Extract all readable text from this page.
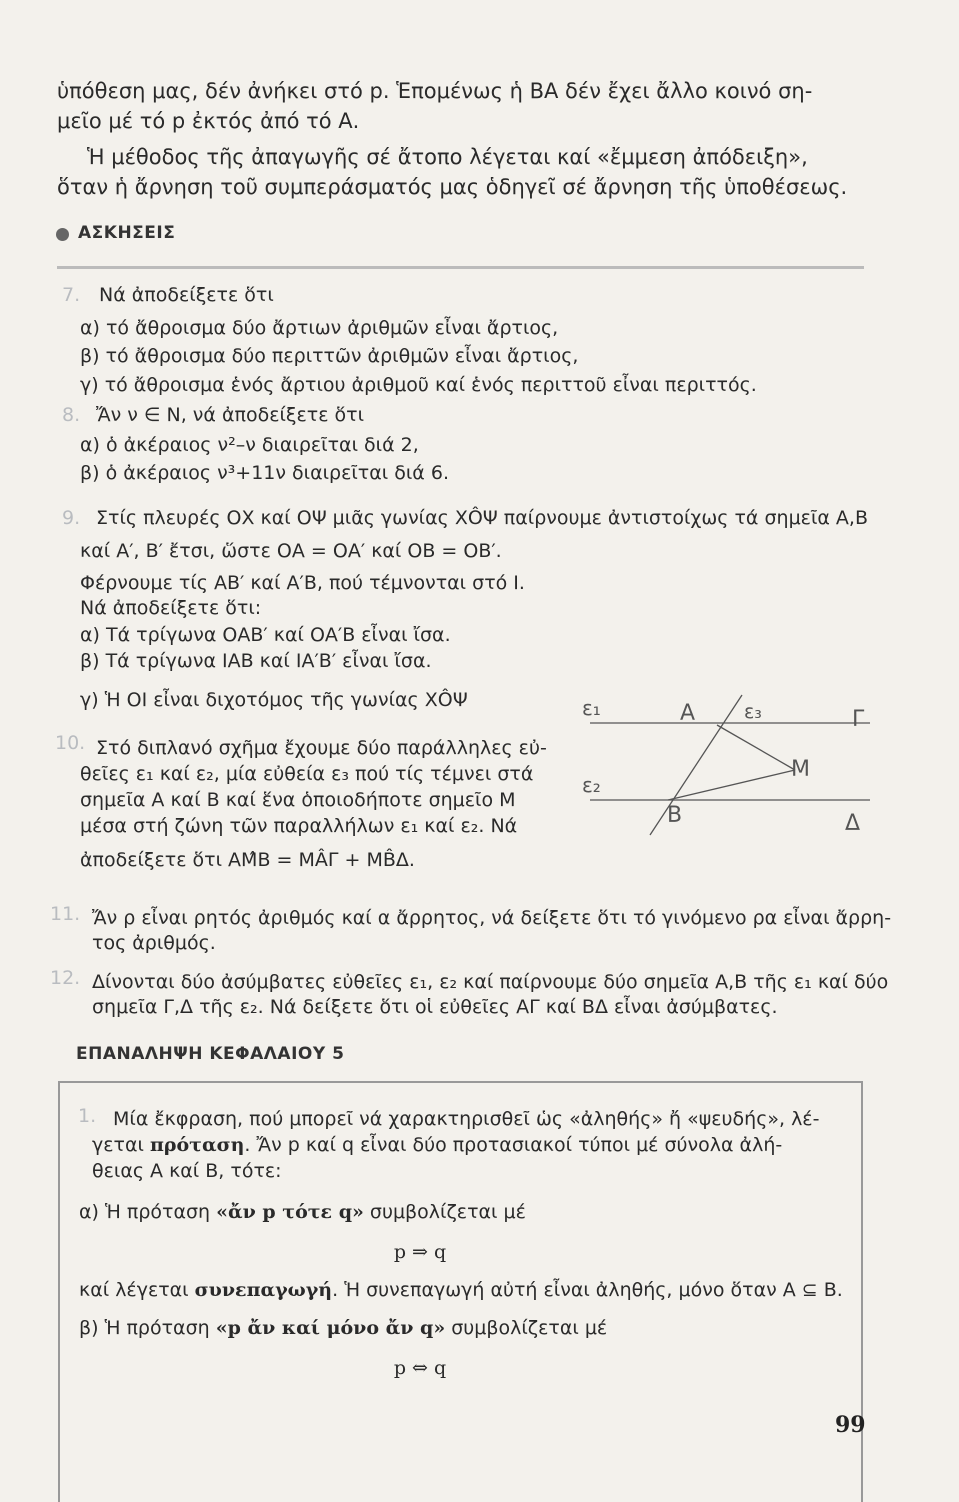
ὑπόθεση μας, δέν ἀνήκει στό p. Ἑπομένως ἡ ΒΑ δέν ἔχει ἄλλο κοινό ση-
μεῖο μέ τό p ἐκτός ἀπό τό Α.
Ἡ μέθοδος τῆς ἀπαγωγῆς σέ ἄτοπο λέγεται καί «ἔμμεση ἀπόδειξη»,
ὅταν ἡ ἄρνηση τοῦ συμπεράσματός μας ὁδηγεῖ σέ ἄρνηση τῆς ὑποθέσεως.
ΑΣΚΗΣΕΙΣ
7. Νά ἀποδείξετε ὅτι
α) τό ἄθροισμα δύο ἄρτιων ἀριθμῶν εἶναι ἄρτιος,
β) τό ἄθροισμα δύο περιττῶν ἀριθμῶν εἶναι ἄρτιος,
γ) τό ἄθροισμα ἑνός ἄρτιου ἀριθμοῦ καί ἑνός περιττοῦ εἶναι περιττός.
8. Ἄν ν ∈ Ν, νά ἀποδείξετε ὅτι
α) ὁ ἀκέραιος ν²–ν διαιρεῖται διά 2,
β) ὁ ἀκέραιος ν³+11ν διαιρεῖται διά 6.
9. Στίς πλευρές ΟΧ καί ΟΨ μιᾶς γωνίας ΧÔΨ παίρνουμε ἀντιστοίχως τά σημεῖα Α,Β
καί Α′, Β′ ἔτσι, ὥστε ΟΑ = ΟΑ′ καί ΟΒ = ΟΒ′.
Φέρνουμε τίς ΑΒ′ καί Α′Β, πού τέμνονται στό Ι.
Νά ἀποδείξετε ὅτι:
α) Τά τρίγωνα ΟΑΒ′ καί ΟΑ′Β εἶναι ἴσα.
β) Τά τρίγωνα ΙΑΒ καί ΙΑ′Β′ εἶναι ἴσα.
γ) Ἡ ΟΙ εἶναι διχοτόμος τῆς γωνίας ΧÔΨ
10. Στό διπλανό σχῆμα ἔχουμε δύο παράλληλες εὐ-
θεῖες ε₁ καί ε₂, μία εὐθεία ε₃ πού τίς τέμνει στά
σημεῖα Α καί Β καί ἕνα ὁποιοδήποτε σημεῖο Μ
μέσα στή ζώνη τῶν παραλλήλων ε₁ καί ε₂. Νά
ἀποδείξετε ὅτι ΑΜ̂Β = ΜÂΓ + ΜB̂Δ.
ε₁
ε₂
ε₃
Α
Β
Μ
Γ
Δ
11. Ἄν ρ εἶναι ρητός ἀριθμός καί α ἄρρητος, νά δείξετε ὅτι τό γινόμενο ρα εἶναι ἄρρη-
τος ἀριθμός.
12. Δίνονται δύο ἀσύμβατες εὐθεῖες ε₁, ε₂ καί παίρνουμε δύο σημεῖα Α,Β τῆς ε₁ καί δύο
σημεῖα Γ,Δ τῆς ε₂. Νά δείξετε ὅτι οἱ εὐθεῖες ΑΓ καί ΒΔ εἶναι ἀσύμβατες.
ΕΠΑΝΑΛΗΨΗ ΚΕΦΑΛΑΙΟΥ 5
1. Μία ἔκφραση, πού μπορεῖ νά χαρακτηρισθεῖ ὡς «ἀληθής» ἤ «ψευδής», λέ-
γεται πρόταση. Ἄν p καί q εἶναι δύο προτασιακοί τύποι μέ σύνολα ἀλή-
θειας Α καί Β, τότε:
α) Ἡ πρόταση «ἄν p τότε q» συμβολίζεται μέ
p ⇒ q
καί λέγεται συνεπαγωγή. Ἡ συνεπαγωγή αὐτή εἶναι ἀληθής, μόνο ὅταν Α ⊆ Β.
β) Ἡ πρόταση «p ἄν καί μόνο ἄν q» συμβολίζεται μέ
p ⇔ q
99
